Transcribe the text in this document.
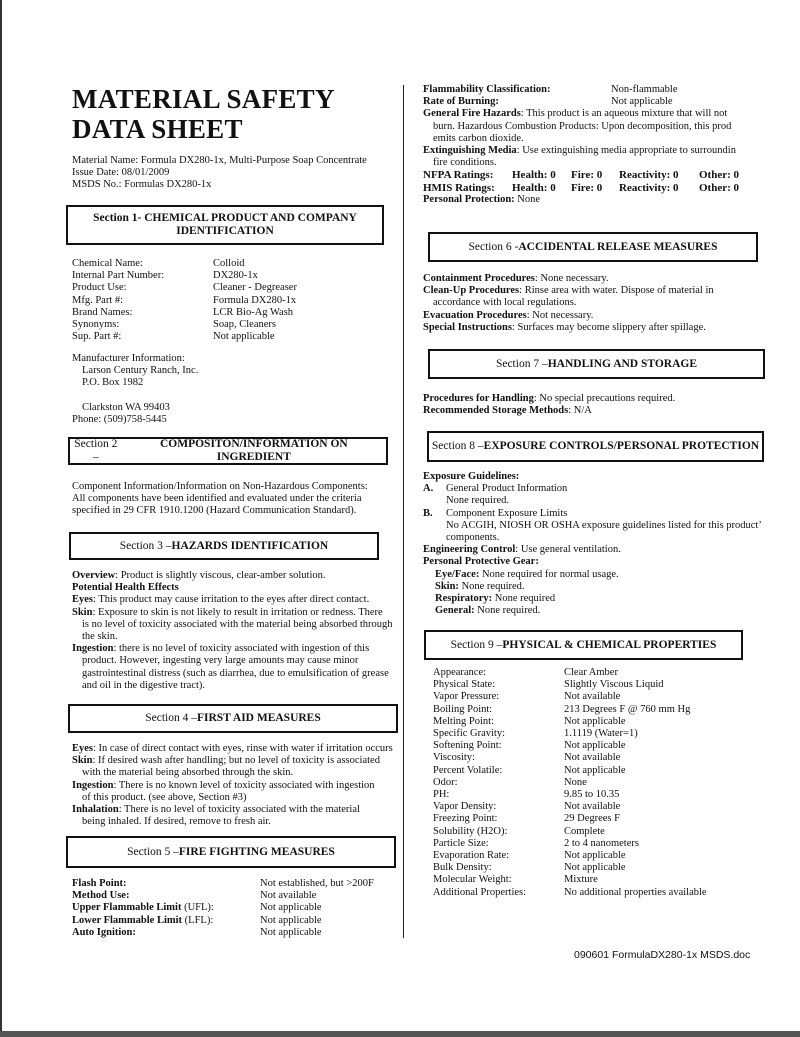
MATERIAL SAFETY
DATA SHEET
Material Name: Formula DX280-1x, Multi-Purpose Soap Concentrate
Issue Date: 08/01/2009
MSDS No.: Formulas DX280-1x
Section 1- CHEMICAL PRODUCT AND COMPANY
IDENTIFICATION
Chemical Name:	Colloid
Internal Part Number:	DX280-1x
Product Use:	Cleaner - Degreaser
Mfg. Part #:	Formula DX280-1x
Brand Names:	LCR Bio-Ag Wash
Synonyms:	Soap, Cleaners
Sup. Part #:	Not applicable
Manufacturer Information:
Larson Century Ranch, Inc.
P.O. Box 1982
Clarkston WA 99403
Phone: (509)758-5445
Section 2 –
COMPOSITON/INFORMATION ON INGREDIENT
Component Information/Information on Non-Hazardous Components:
All components have been identified and evaluated under the criteria
specified in 29 CFR 1910.1200 (Hazard Communication Standard).
Section 3 – HAZARDS IDENTIFICATION
Overview: Product is slightly viscous, clear-amber solution.
Potential Health Effects
Eyes: This product may cause irritation to the eyes after direct contact.
Skin: Exposure to skin is not likely to result in irritation or redness. There
is no level of toxicity associated with the material being absorbed through
the skin.
Ingestion: there is no level of toxicity associated with ingestion of this
product. However, ingesting very large amounts may cause minor
gastrointestinal distress (such as diarrhea, due to emulsification of grease
and oil in the digestive tract).
Section 4 – FIRST AID MEASURES
Eyes: In case of direct contact with eyes, rinse with water if irritation occurs
Skin: If desired wash after handling; but no level of toxicity is associated
with the material being absorbed through the skin.
Ingestion: There is no known level of toxicity associated with ingestion
of this product. (see above, Section #3)
Inhalation: There is no level of toxicity associated with the material
being inhaled. If desired, remove to fresh air.
Section 5 – FIRE FIGHTING MEASURES
Flash Point:	Not established, but >200F
Method Use:	Not available
Upper Flammable Limit (UFL):	Not applicable
Lower Flammable Limit (LFL):	Not applicable
Auto Ignition:	Not applicable
Flammability Classification:	Non-flammable
Rate of Burning:	Not applicable
General Fire Hazards: This product is an aqueous mixture that will not
burn. Hazardous Combustion Products: Upon decomposition, this prod
emits carbon dioxide.
Extinguishing Media: Use extinguishing media appropriate to surroundin
fire conditions.
NFPA Ratings: Health: 0 Fire: 0 Reactivity: 0 Other: 0
HMIS Ratings: Health: 0 Fire: 0 Reactivity: 0 Other: 0
Personal Protection: None
Section 6 - ACCIDENTAL RELEASE MEASURES
Containment Procedures: None necessary.
Clean-Up Procedures: Rinse area with water. Dispose of material in
accordance with local regulations.
Evacuation Procedures: Not necessary.
Special Instructions: Surfaces may become slippery after spillage.
Section 7 – HANDLING AND STORAGE
Procedures for Handling: No special precautions required.
Recommended Storage Methods: N/A
Section 8 – EXPOSURE CONTROLS/PERSONAL PROTECTION
Exposure Guidelines:
A. General Product Information
None required.
B. Component Exposure Limits
No ACGIH, NIOSH OR OSHA exposure guidelines listed for this product’
components.
Engineering Control: Use general ventilation.
Personal Protective Gear:
Eye/Face: None required for normal usage.
Skin: None required.
Respiratory: None required
General: None required.
Section 9 – PHYSICAL & CHEMICAL PROPERTIES
Appearance:	Clear Amber
Physical State:	Slightly Viscous Liquid
Vapor Pressure:	Not available
Boiling Point:	213 Degrees F @ 760 mm Hg
Melting Point:	Not applicable
Specific Gravity:	1.1119 (Water=1)
Softening Point:	Not applicable
Viscosity:	Not available
Percent Volatile:	Not applicable
Odor:	None
PH:	9.85 to 10.35
Vapor Density:	Not available
Freezing Point:	29 Degrees F
Solubility (H2O):	Complete
Particle Size:	2 to 4 nanometers
Evaporation Rate:	Not applicable
Bulk Density:	Not applicable
Molecular Weight:	Mixture
Additional Properties:	No additional properties available
090601 FormulaDX280-1x MSDS.doc
